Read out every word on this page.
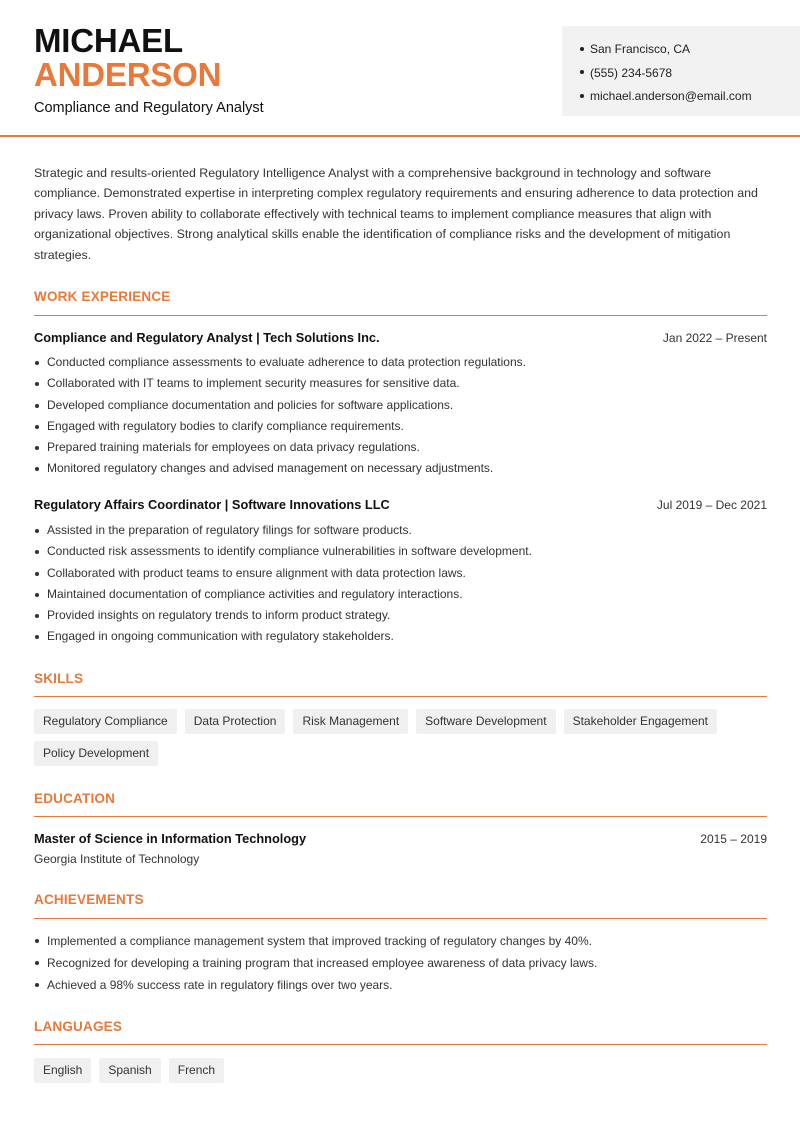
MICHAEL
ANDERSON
Compliance and Regulatory Analyst
San Francisco, CA
(555) 234-5678
michael.anderson@email.com

Strategic and results-oriented Regulatory Intelligence Analyst with a comprehensive background in technology and software compliance. Demonstrated expertise in interpreting complex regulatory requirements and ensuring adherence to data protection and privacy laws. Proven ability to collaborate effectively with technical teams to implement compliance measures that align with organizational objectives. Strong analytical skills enable the identification of compliance risks and the development of mitigation strategies.

WORK EXPERIENCE
Compliance and Regulatory Analyst | Tech Solutions Inc.	Jan 2022 – Present
Conducted compliance assessments to evaluate adherence to data protection regulations.
Collaborated with IT teams to implement security measures for sensitive data.
Developed compliance documentation and policies for software applications.
Engaged with regulatory bodies to clarify compliance requirements.
Prepared training materials for employees on data privacy regulations.
Monitored regulatory changes and advised management on necessary adjustments.
Regulatory Affairs Coordinator | Software Innovations LLC	Jul 2019 – Dec 2021
Assisted in the preparation of regulatory filings for software products.
Conducted risk assessments to identify compliance vulnerabilities in software development.
Collaborated with product teams to ensure alignment with data protection laws.
Maintained documentation of compliance activities and regulatory interactions.
Provided insights on regulatory trends to inform product strategy.
Engaged in ongoing communication with regulatory stakeholders.
SKILLS
Regulatory Compliance	Data Protection	Risk Management	Software Development	Stakeholder Engagement
Policy Development
EDUCATION
Master of Science in Information Technology	2015 – 2019
Georgia Institute of Technology
ACHIEVEMENTS
Implemented a compliance management system that improved tracking of regulatory changes by 40%.
Recognized for developing a training program that increased employee awareness of data privacy laws.
Achieved a 98% success rate in regulatory filings over two years.
LANGUAGES
English	Spanish	French
